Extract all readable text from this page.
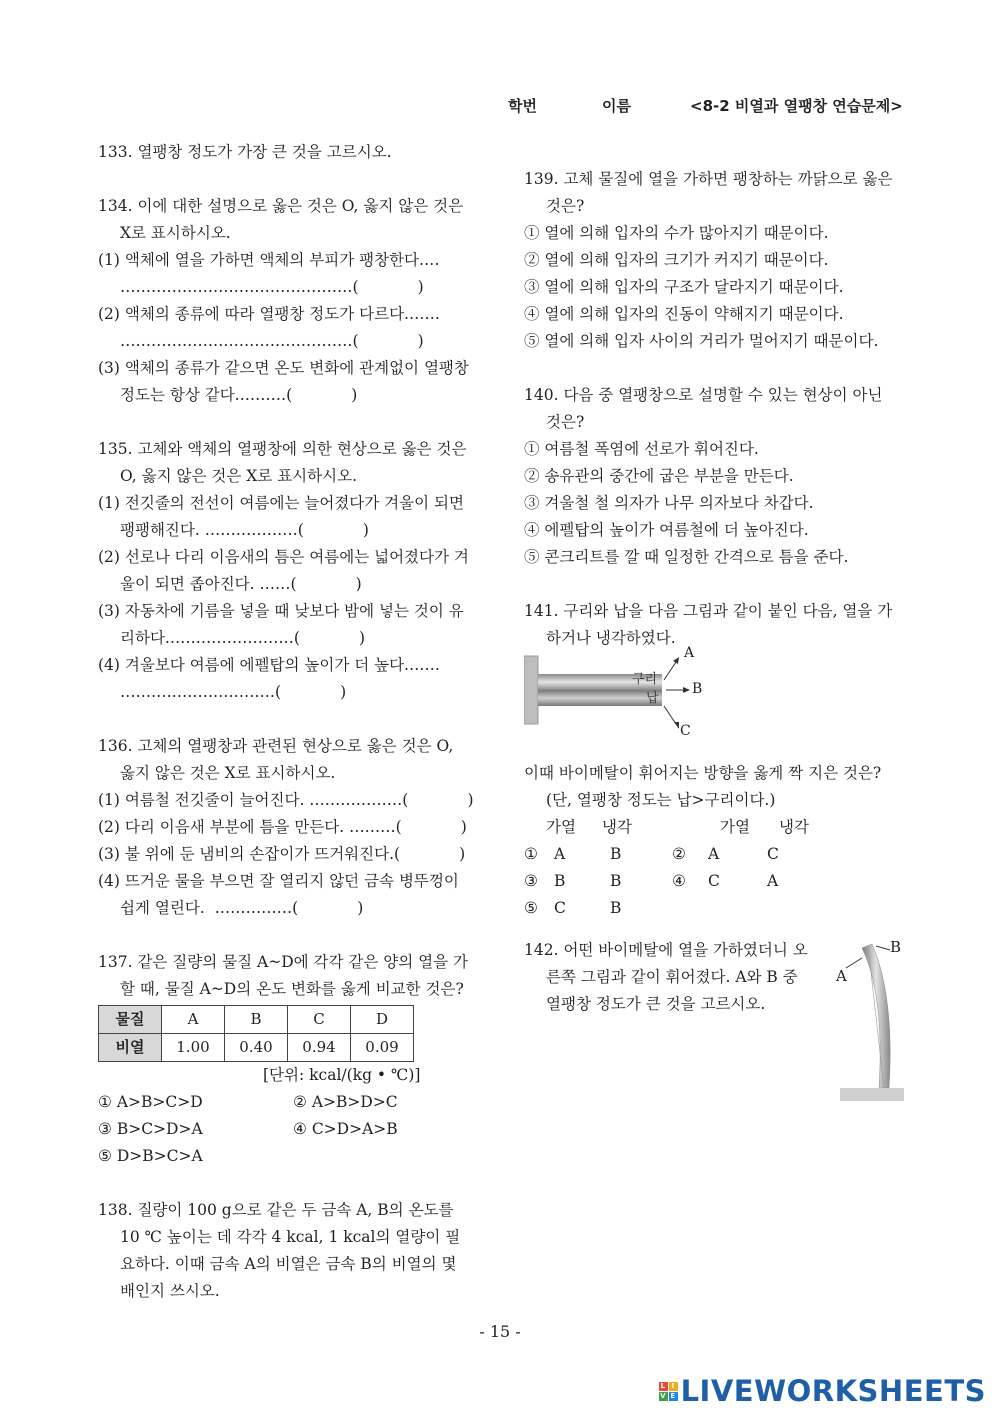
학번	이름	<8-2 비열과 열팽창 연습문제>
133. 열팽창 정도가 가장 큰 것을 고르시오.
134. 이에 대한 설명으로 옳은 것은 O, 옳지 않은 것은
X로 표시하시오.
(1) 액체에 열을 가하면 액체의 부피가 팽창한다.…
………………………………………(            )
(2) 액체의 종류에 따라 열팽창 정도가 다르다.……
………………………………………(            )
(3) 액체의 종류가 같으면 온도 변화에 관계없이 열팽창
정도는 항상 같다.………(            )
135. 고체와 액체의 열팽창에 의한 현상으로 옳은 것은
O, 옳지 않은 것은 X로 표시하시오.
(1) 전깃줄의 전선이 여름에는 늘어졌다가 겨울이 되면
팽팽해진다. ………………(            )
(2) 선로나 다리 이음새의 틈은 여름에는 넓어졌다가 겨
울이 되면 좁아진다. ……(            )
(3) 자동차에 기름을 넣을 때 낮보다 밤에 넣는 것이 유
리하다.……………………(            )
(4) 겨울보다 여름에 에펠탑의 높이가 더 높다.……
…………………………(            )
136. 고체의 열팽창과 관련된 현상으로 옳은 것은 O,
옳지 않은 것은 X로 표시하시오.
(1) 여름철 전깃줄이 늘어진다. ………………(            )
(2) 다리 이음새 부분에 틈을 만든다. ………(            )
(3) 불 위에 둔 냄비의 손잡이가 뜨거워진다.(            )
(4) 뜨거운 물을 부으면 잘 열리지 않던 금속 병뚜껑이
쉽게 열린다.  ……………(            )
137. 같은 질량의 물질 A~D에 각각 같은 양의 열을 가
할 때, 물질 A~D의 온도 변화를 옳게 비교한 것은?
물질	A	B	C	D
비열	1.00	0.40	0.94	0.09
[단위: kcal/(kg • ℃)]
① A>B>C>D	② A>B>D>C
③ B>C>D>A	④ C>D>A>B
⑤ D>B>C>A
138. 질량이 100 g으로 같은 두 금속 A, B의 온도를
10 ℃ 높이는 데 각각 4 kcal, 1 kcal의 열량이 필
요하다. 이때 금속 A의 비열은 금속 B의 비열의 몇
배인지 쓰시오.
139. 고체 물질에 열을 가하면 팽창하는 까닭으로 옳은
것은?
① 열에 의해 입자의 수가 많아지기 때문이다.
② 열에 의해 입자의 크기가 커지기 때문이다.
③ 열에 의해 입자의 구조가 달라지기 때문이다.
④ 열에 의해 입자의 진동이 약해지기 때문이다.
⑤ 열에 의해 입자 사이의 거리가 멀어지기 때문이다.
140. 다음 중 열팽창으로 설명할 수 있는 현상이 아닌
것은?
① 여름철 폭염에 선로가 휘어진다.
② 송유관의 중간에 굽은 부분을 만든다.
③ 겨울철 철 의자가 나무 의자보다 차갑다.
④ 에펠탑의 높이가 여름철에 더 높아진다.
⑤ 콘크리트를 깔 때 일정한 간격으로 틈을 준다.
141. 구리와 납을 다음 그림과 같이 붙인 다음, 열을 가
하거나 냉각하였다.
구리
납
A
B
C
이때 바이메탈이 휘어지는 방향을 옳게 짝 지은 것은?
(단, 열팽창 정도는 납>구리이다.)
가열	냉각	가열	냉각
①	A	B	②	A	C
③	B	B	④	C	A
⑤	C	B
142. 어떤 바이메탈에 열을 가하였더니 오
른쪽 그림과 같이 휘어졌다. A와 B 중
열팽창 정도가 큰 것을 고르시오.
A
B
- 15 -
L I
V E LIVEWORKSHEETS
